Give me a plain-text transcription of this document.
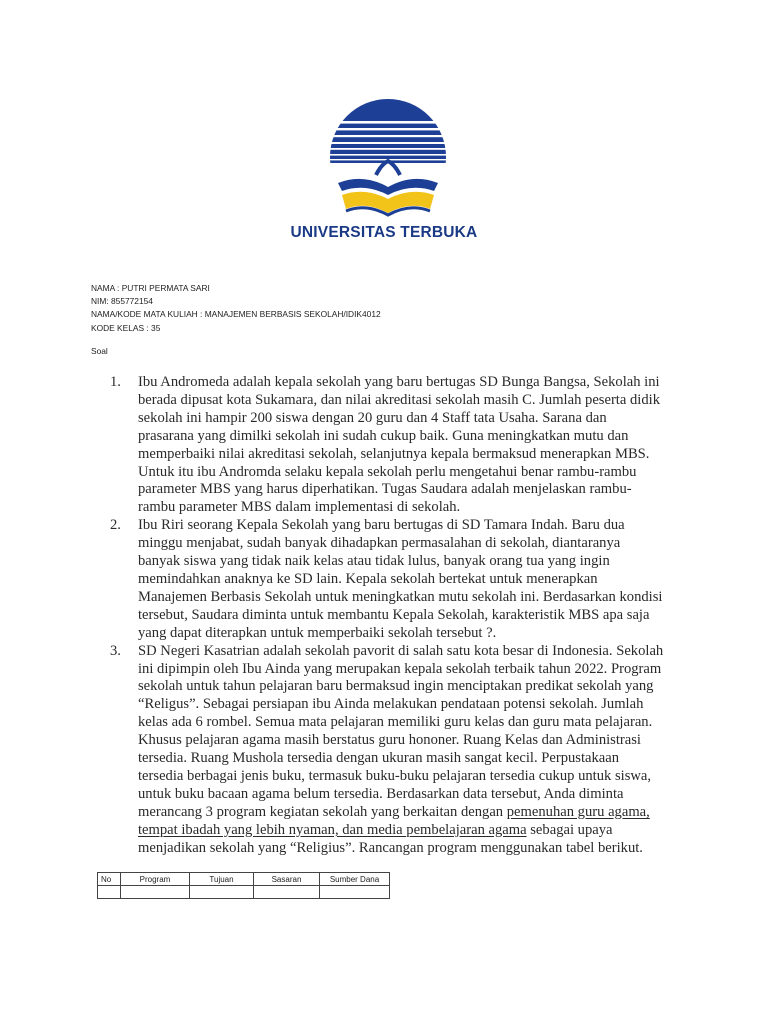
UNIVERSITAS TERBUKA
NAMA : PUTRI PERMATA SARI
NIM: 855772154
NAMA/KODE MATA KULIAH : MANAJEMEN BERBASIS SEKOLAH/IDIK4012
KODE KELAS : 35
Soal
1. Ibu Andromeda adalah kepala sekolah yang baru bertugas SD Bunga Bangsa, Sekolah ini
berada dipusat kota Sukamara, dan nilai akreditasi sekolah masih C. Jumlah peserta didik
sekolah ini hampir 200 siswa dengan 20 guru dan 4 Staff tata Usaha. Sarana dan
prasarana yang dimilki sekolah ini sudah cukup baik. Guna meningkatkan mutu dan
memperbaiki nilai akreditasi sekolah, selanjutnya kepala bermaksud menerapkan MBS.
Untuk itu ibu Andromda selaku kepala sekolah perlu mengetahui benar rambu-rambu
parameter MBS yang harus diperhatikan. Tugas Saudara adalah menjelaskan rambu-
rambu parameter MBS dalam implementasi di sekolah.
2. Ibu Riri seorang Kepala Sekolah yang baru bertugas di SD Tamara Indah. Baru dua
minggu menjabat, sudah banyak dihadapkan permasalahan di sekolah, diantaranya
banyak siswa yang tidak naik kelas atau tidak lulus, banyak orang tua yang ingin
memindahkan anaknya ke SD lain. Kepala sekolah bertekat untuk menerapkan
Manajemen Berbasis Sekolah untuk meningkatkan mutu sekolah ini. Berdasarkan kondisi
tersebut, Saudara diminta untuk membantu Kepala Sekolah, karakteristik MBS apa saja
yang dapat diterapkan untuk memperbaiki sekolah tersebut ?.
3. SD Negeri Kasatrian adalah sekolah pavorit di salah satu kota besar di Indonesia. Sekolah
ini dipimpin oleh Ibu Ainda yang merupakan kepala sekolah terbaik tahun 2022. Program
sekolah untuk tahun pelajaran baru bermaksud ingin menciptakan predikat sekolah yang
“Religus”. Sebagai persiapan ibu Ainda melakukan pendataan potensi sekolah. Jumlah
kelas ada 6 rombel. Semua mata pelajaran memiliki guru kelas dan guru mata pelajaran.
Khusus pelajaran agama masih berstatus guru hononer. Ruang Kelas dan Administrasi
tersedia. Ruang Mushola tersedia dengan ukuran masih sangat kecil. Perpustakaan
tersedia berbagai jenis buku, termasuk buku-buku pelajaran tersedia cukup untuk siswa,
untuk buku bacaan agama belum tersedia. Berdasarkan data tersebut, Anda diminta
merancang 3 program kegiatan sekolah yang berkaitan dengan pemenuhan guru agama,
tempat ibadah yang lebih nyaman, dan media pembelajaran agama sebagai upaya
menjadikan sekolah yang “Religius”. Rancangan program menggunakan tabel berikut.
No	Program	Tujuan	Sasaran	Sumber Dana
